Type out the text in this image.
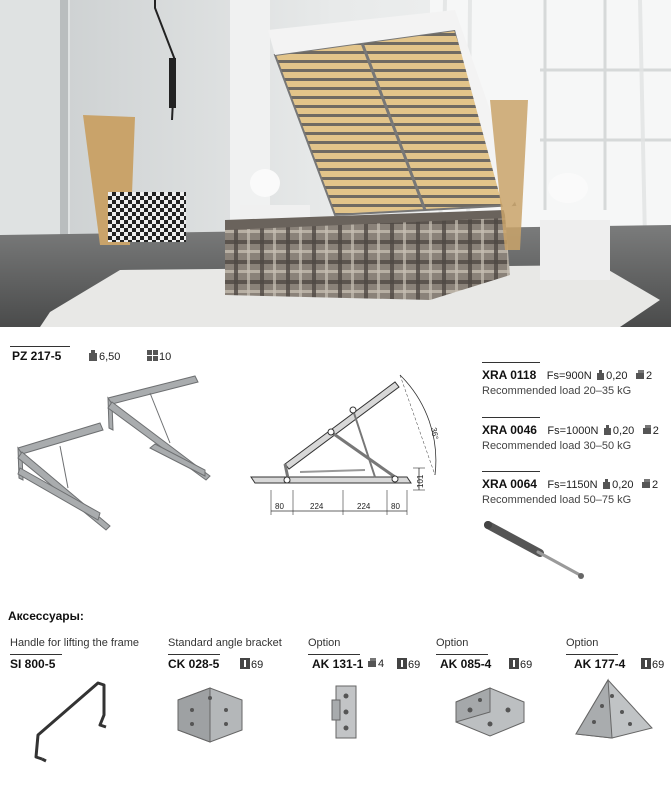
PZ 217-5	6,50	10
80	224	224	80
101
36°
XRA 0118 Fs=900N 0,20 2
Recommended load 20–35 kG
XRA 0046 Fs=1000N 0,20 2
Recommended load 30–50 kG
XRA 0064 Fs=1150N 0,20 2
Recommended load 50–75 kG
Аксессуары:
Handle for lifting the frame
SI 800-5
Standard angle bracket
CK 028-5	69
Option
AK 131-1	4	69
Option
AK 085-4	69
Option
AK 177-4	69
